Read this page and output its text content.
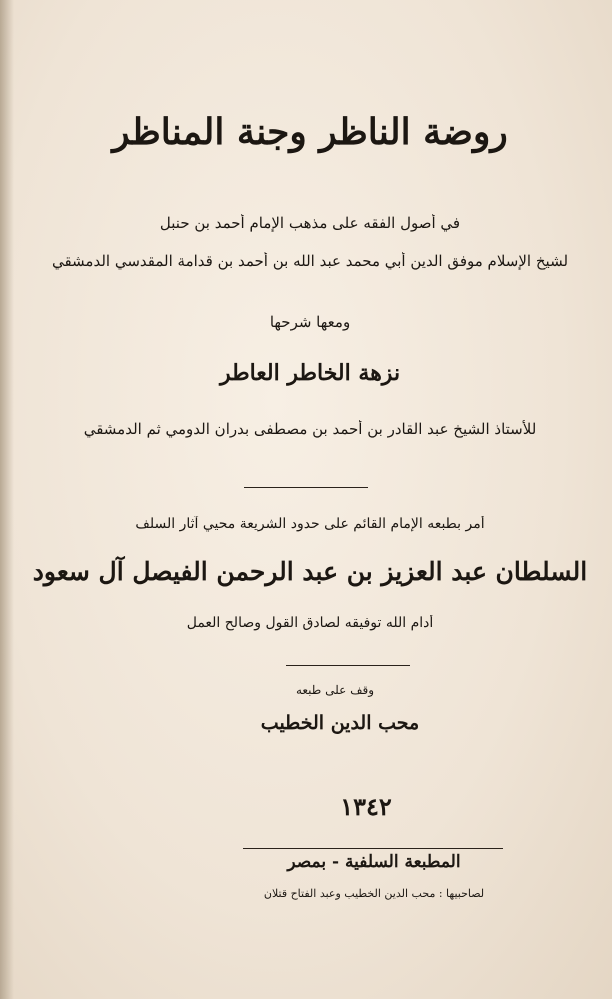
روضة الناظر وجنة المناظر
في أصول الفقه على مذهب الإمام أحمد بن حنبل
لشيخ الإسلام موفق الدين أبي محمد عبد الله بن أحمد بن قدامة المقدسي الدمشقي
ومعها شرحها
نزهة الخاطر العاطر
للأستاذ الشيخ عبد القادر بن أحمد بن مصطفى بدران الدومي ثم الدمشقي
أمر بطبعه الإمام القائم على حدود الشريعة محيي آثار السلف
السلطان عبد العزيز بن عبد الرحمن الفيصل آل سعود
أدام الله توفيقه لصادق القول وصالح العمل
وقف على طبعه
محب الدين الخطيب
١٣٤٢
المطبعة السلفية - بمصر
لصاحبيها : محب الدين الخطيب وعبد الفتاح قتلان
